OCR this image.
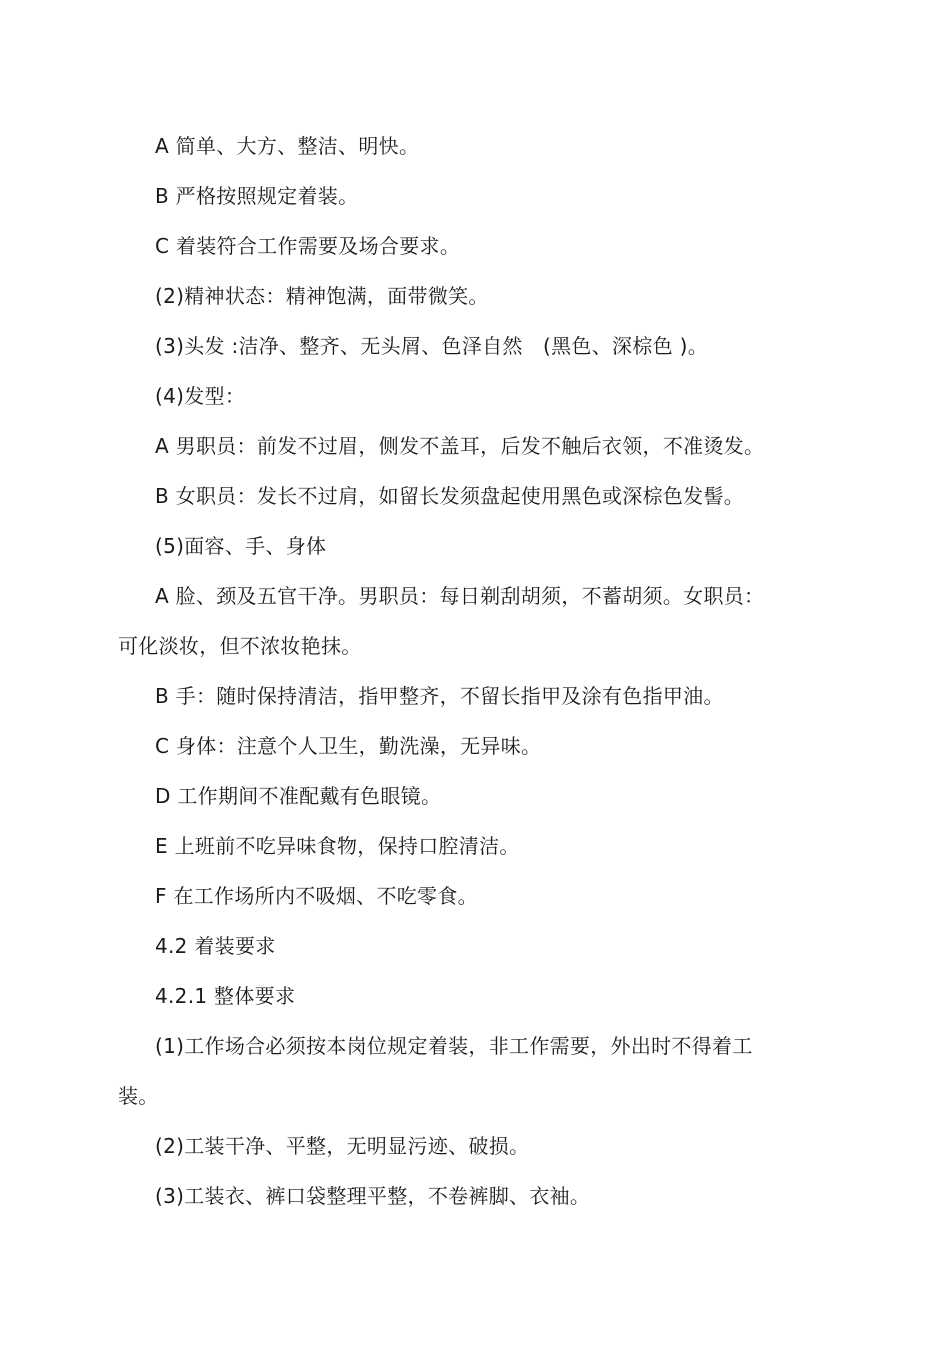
A 简单、大方、整洁、明快。
B 严格按照规定着装。
C 着装符合工作需要及场合要求。
(2)精神状态：精神饱满，面带微笑。
(3)头发 :洁净、整齐、无头屑、色泽自然　(黑色、深棕色 )。
(4)发型：
A 男职员：前发不过眉，侧发不盖耳，后发不触后衣领，不准烫发。
B 女职员：发长不过肩，如留长发须盘起使用黑色或深棕色发髻。
(5)面容、手、身体
A 脸、颈及五官干净。男职员：每日剃刮胡须，不蓄胡须。女职员：
可化淡妆，但不浓妆艳抹。
B 手：随时保持清洁，指甲整齐，不留长指甲及涂有色指甲油。
C 身体：注意个人卫生，勤洗澡，无异味。
D 工作期间不准配戴有色眼镜。
E 上班前不吃异味食物，保持口腔清洁。
F 在工作场所内不吸烟、不吃零食。
4.2 着装要求
4.2.1 整体要求
(1)工作场合必须按本岗位规定着装，非工作需要，外出时不得着工
装。
(2)工装干净、平整，无明显污迹、破损。
(3)工装衣、裤口袋整理平整，不卷裤脚、衣袖。
